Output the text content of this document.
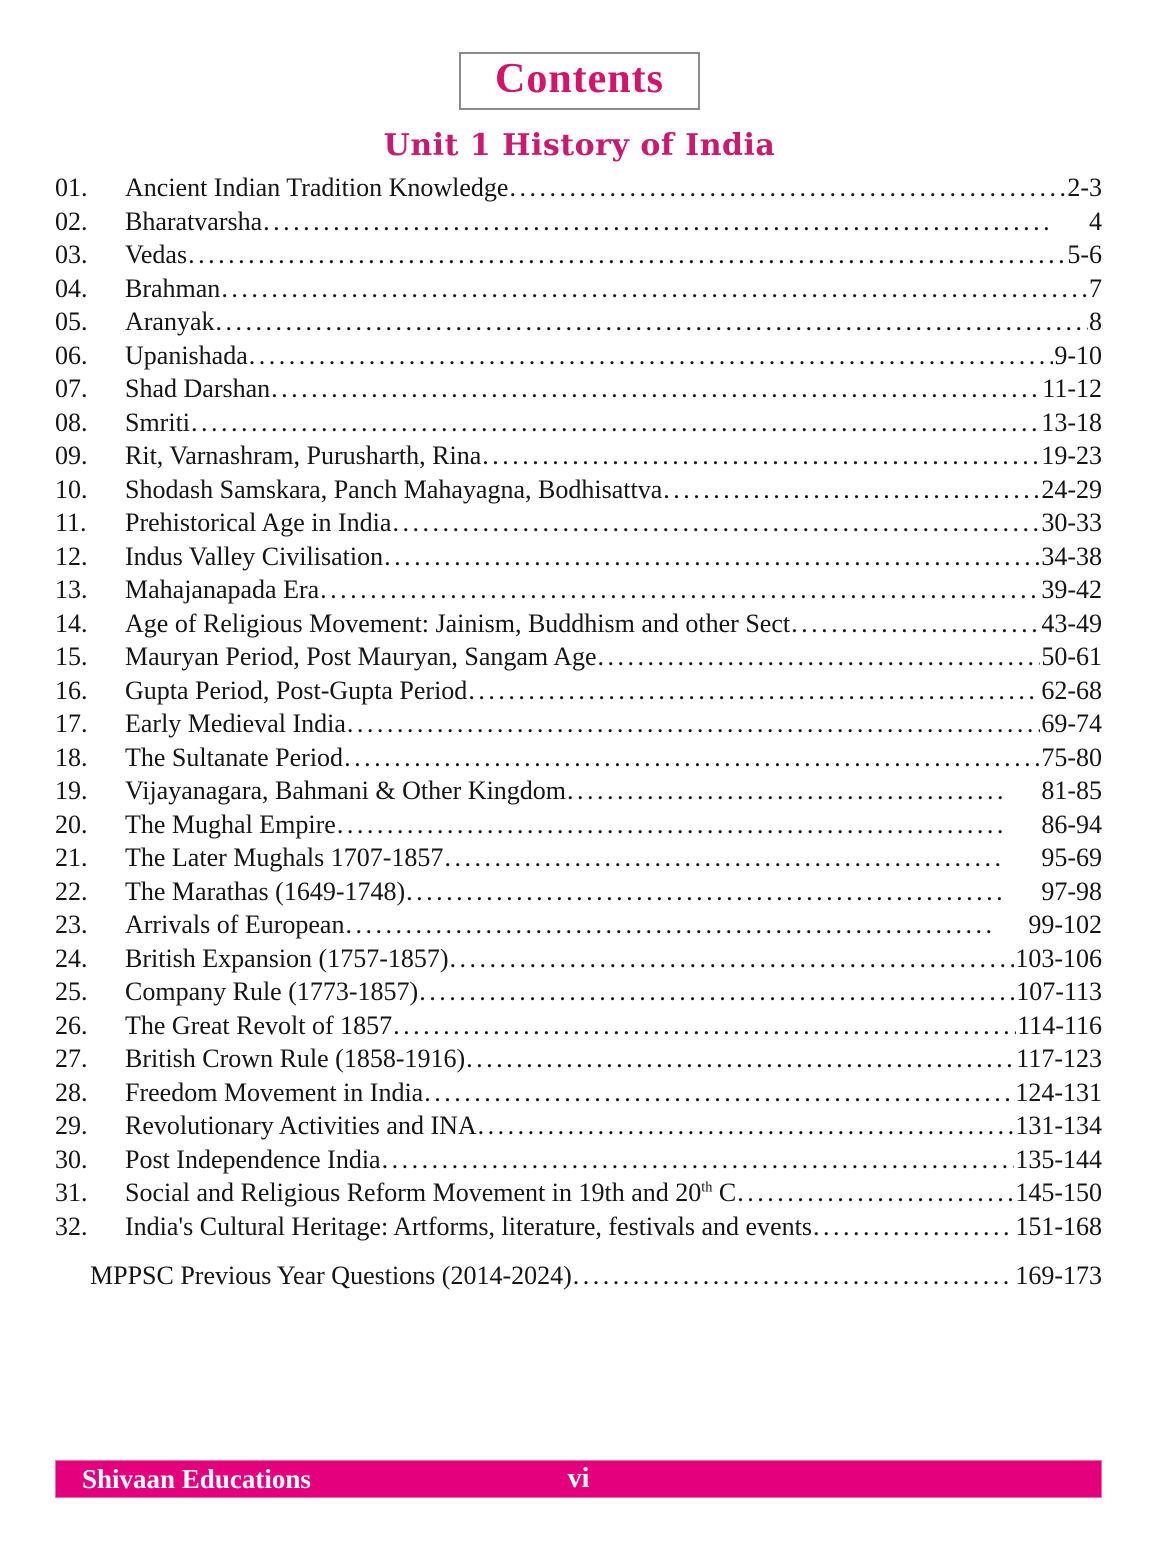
Contents
Unit 1 History of India
01.	Ancient Indian Tradition Knowledge .....	2-3
02.	Bharatvarsha .....	4
03.	Vedas .....	5-6
04.	Brahman .....	7
05.	Aranyak .....	8
06.	Upanishada .....	9-10
07.	Shad Darshan .....	11-12
08.	Smriti .....	13-18
09.	Rit, Varnashram, Purusharth, Rina .....	19-23
10.	Shodash Samskara, Panch Mahayagna, Bodhisattva .....	24-29
11.	Prehistorical Age in India .....	30-33
12.	Indus Valley Civilisation .....	34-38
13.	Mahajanapada Era .....	39-42
14.	Age of Religious Movement: Jainism, Buddhism and other Sect .....	43-49
15.	Mauryan Period, Post Mauryan, Sangam Age .....	50-61
16.	Gupta Period, Post-Gupta Period .....	62-68
17.	Early Medieval India .....	69-74
18.	The Sultanate Period .....	75-80
19.	Vijayanagara, Bahmani & Other Kingdom .....	81-85
20.	The Mughal Empire .....	86-94
21.	The Later Mughals 1707-1857 .....	95-69
22.	The Marathas (1649-1748) .....	97-98
23.	Arrivals of European .....	99-102
24.	British Expansion (1757-1857) .....	103-106
25.	Company Rule (1773-1857) .....	107-113
26.	The Great Revolt of 1857 .....	114-116
27.	British Crown Rule (1858-1916) .....	117-123
28.	Freedom Movement in India .....	124-131
29.	Revolutionary Activities and INA .....	131-134
30.	Post Independence India .....	135-144
31.	Social and Religious Reform Movement in 19th and 20th C .....	145-150
32.	India's Cultural Heritage: Artforms, literature, festivals and events .....	151-168
MPPSC Previous Year Questions (2014-2024) .....	169-173
Shivaan Educations	vi
